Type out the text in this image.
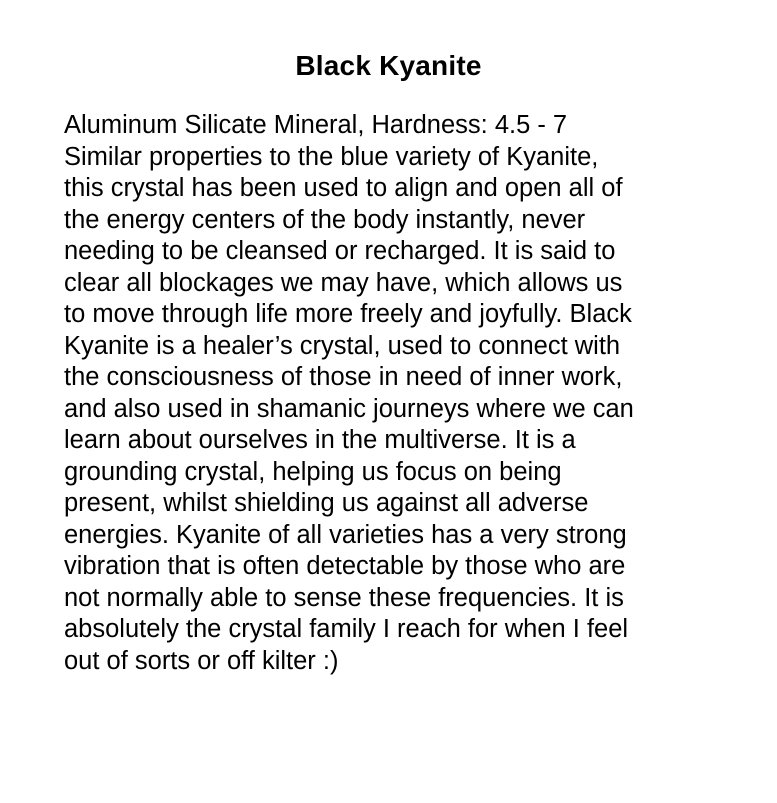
Black Kyanite
Aluminum Silicate Mineral, Hardness: 4.5 - 7
Similar properties to the blue variety of Kyanite,
this crystal has been used to align and open all of
the energy centers of the body instantly, never
needing to be cleansed or recharged. It is said to
clear all blockages we may have, which allows us
to move through life more freely and joyfully. Black
Kyanite is a healer’s crystal, used to connect with
the consciousness of those in need of inner work,
and also used in shamanic journeys where we can
learn about ourselves in the multiverse. It is a
grounding crystal, helping us focus on being
present, whilst shielding us against all adverse
energies. Kyanite of all varieties has a very strong
vibration that is often detectable by those who are
not normally able to sense these frequencies. It is
absolutely the crystal family I reach for when I feel
out of sorts or off kilter :)
